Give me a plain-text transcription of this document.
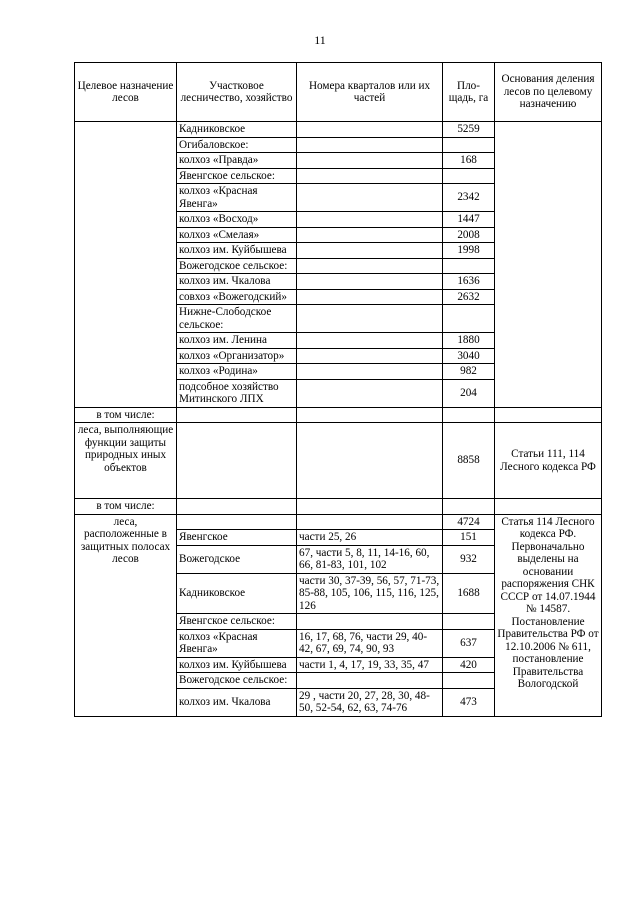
11
Целевое назначение лесов	Участковое лесничество, хозяйство	Номера кварталов или их частей	Пло-щадь, га	Основания деления лесов по целевому назначению
	Кадниковское		5259	
	Огибаловское:			
	колхоз «Правда»		168	
	Явенгское сельское:			
	колхоз «Красная Явенга»		2342	
	колхоз «Восход»		1447	
	колхоз «Смелая»		2008	
	колхоз им. Куйбышева		1998	
	Вожегодское сельское:			
	колхоз им. Чкалова		1636	
	совхоз «Вожегодский»		2632	
	Нижне-Слободское сельское:			
	колхоз им. Ленина		1880	
	колхоз «Организатор»		3040	
	колхоз «Родина»		982	
	подсобное хозяйство Митинского ЛПХ		204	
в том числе:				
леса, выполняющие функции защиты природных иных объектов			8858	Статьи 111, 114 Лесного кодекса РФ
в том числе:				
леса, расположенные в защитных полосах лесов			4724	Статья 114 Лесного кодекса РФ. Первоначально выделены на основании распоряжения СНК СССР от 14.07.1944 № 14587. Постановление Правительства РФ от 12.10.2006 № 611, постановление Правительства Вологодской
	Явенгское	части 25, 26	151	
	Вожегодское	67, части 5, 8, 11, 14-16, 60, 66, 81-83, 101, 102	932	
	Кадниковское	части 30, 37-39, 56, 57, 71-73, 85-88, 105, 106, 115, 116, 125, 126	1688	
	Явенгское сельское:			
	колхоз «Красная Явенга»	16, 17, 68, 76, части 29, 40-42, 67, 69, 74, 90, 93	637	
	колхоз им. Куйбышева	части 1, 4, 17, 19, 33, 35, 47	420	
	Вожегодское сельское:			
	колхоз им. Чкалова	29 , части 20, 27, 28, 30, 48-50, 52-54, 62, 63, 74-76	473	
